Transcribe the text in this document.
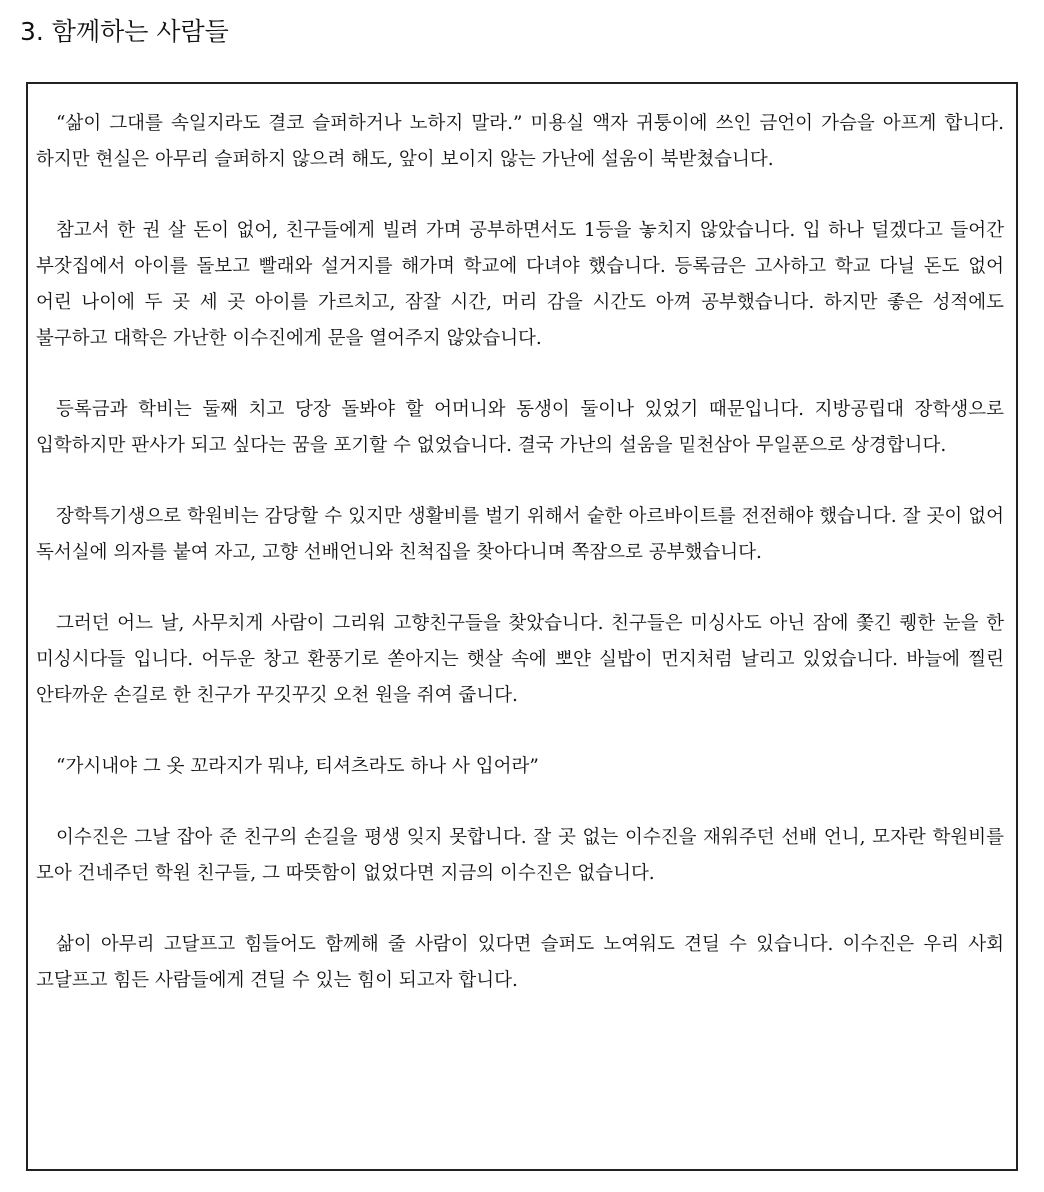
3. 함께하는 사람들

“삶이 그대를 속일지라도 결코 슬퍼하거나 노하지 말라.” 미용실 액자 귀퉁이에 쓰인 금언이 가슴을 아프게 합니다. 하지만 현실은 아무리 슬퍼하지 않으려 해도, 앞이 보이지 않는 가난에 설움이 북받쳤습니다.

참고서 한 권 살 돈이 없어, 친구들에게 빌려 가며 공부하면서도 1등을 놓치지 않았습니다. 입 하나 덜겠다고 들어간 부잣집에서 아이를 돌보고 빨래와 설거지를 해가며 학교에 다녀야 했습니다. 등록금은 고사하고 학교 다닐 돈도 없어 어린 나이에 두 곳 세 곳 아이를 가르치고, 잠잘 시간, 머리 감을 시간도 아껴 공부했습니다. 하지만 좋은 성적에도 불구하고 대학은 가난한 이수진에게 문을 열어주지 않았습니다.

등록금과 학비는 둘째 치고 당장 돌봐야 할 어머니와 동생이 둘이나 있었기 때문입니다. 지방공립대 장학생으로 입학하지만 판사가 되고 싶다는 꿈을 포기할 수 없었습니다. 결국 가난의 설움을 밑천삼아 무일푼으로 상경합니다.

장학특기생으로 학원비는 감당할 수 있지만 생활비를 벌기 위해서 숱한 아르바이트를 전전해야 했습니다. 잘 곳이 없어 독서실에 의자를 붙여 자고, 고향 선배언니와 친척집을 찾아다니며 쪽잠으로 공부했습니다.

그러던 어느 날, 사무치게 사람이 그리워 고향친구들을 찾았습니다. 친구들은 미싱사도 아닌 잠에 쫓긴 퀭한 눈을 한 미싱시다들 입니다. 어두운 창고 환풍기로 쏟아지는 햇살 속에 뽀얀 실밥이 먼지처럼 날리고 있었습니다. 바늘에 찔린 안타까운 손길로 한 친구가 꾸깃꾸깃 오천 원을 쥐여 줍니다.

“가시내야 그 옷 꼬라지가 뭐냐, 티셔츠라도 하나 사 입어라”

이수진은 그날 잡아 준 친구의 손길을 평생 잊지 못합니다. 잘 곳 없는 이수진을 재워주던 선배 언니, 모자란 학원비를 모아 건네주던 학원 친구들, 그 따뜻함이 없었다면 지금의 이수진은 없습니다.

삶이 아무리 고달프고 힘들어도 함께해 줄 사람이 있다면 슬퍼도 노여워도 견딜 수 있습니다. 이수진은 우리 사회 고달프고 힘든 사람들에게 견딜 수 있는 힘이 되고자 합니다.
